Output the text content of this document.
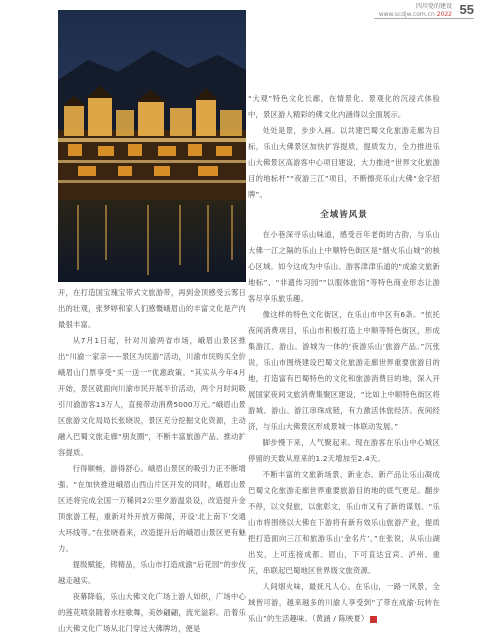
四川党的建设
www.scdjw.com.cn 2022 55

开，在打造国宝瑰宝带式文旅游带，再到金顶感受云雾日出的壮观，张梦婷和家人们感慨峨眉山的丰富文化是产内最很丰富。

从7月1日起，针对川渝两省市场，峨眉山景区推出“川渝一家亲——景区为民游”活动，川渝市民购买全价峨眉山门票享受“买一送一”优惠政策。“其实从今年4月开始，景区就面向川渝市民开展半价活动，两个月时间吸引川渝游客13万人，直接带动消费5000万元。”峨眉山景区旅游文化局局长张晓说，景区充分挖掘文化资源，主动融入巴蜀文旅走廊“朋友圈”，不断丰富旅游产品、推动扩容提质。

行得顺畅，游得舒心。峨眉山景区的吸引力正不断增强。“在加快推进峨眉山西山片区开发的同时，峨眉山景区还将完成全国一万稀同2公里夕游温泉设，改造提升金顶旅游工程，重新对外开放万佛阁，开设‘北上南下’交通大环线等。”在张晓看来，改造提升后的峨眉山景区更有魅力。

提级赋能，铸精品，乐山市打造成渝“后花园”的步伐越走越实。

夜幕降临，乐山大佛文化广场上游人如织，广场中心的莲花喷泉随着水柱歌舞，美妙翩翩，流光溢彩。沿着乐山大佛文化广场从北门穿过大佛牌坊，便是

“大观”特色文化长廊，在情景化、景观化的沉浸式体验中，景区游人精彩的佛文化内涵得以全面展示。

处处是景，步步入画。以共建巴蜀文化旅游走廊为目标，乐山大佛景区加快扩容提质，提质发力，全力推进乐山大佛景区高游客中心项目建设，大力推进“世界文化旅游目的地标杆”“夜游三江”项目，不断擦亮乐山大佛“金字招牌”。

全域皆风景

在小巷深寻乐山味道，感受百年老街的古韵，与乐山大佛一江之隔的乐山上中顺特色街区是“烟火乐山城”的核心区域。如今这成为中乐山、游客津津乐道的“成渝文旅新地标”、“非遗传习园”“以服体旅馆”等特色商业形态让游客尽享乐旅乐趣。

像这样的特色文化街区，在乐山市中区有6条。“依托夜间消费项目，乐山市积极打造上中顺等特色街区，形成集游江、游山、游城为一体的‘夜游乐山’旅游产品。”沉张说，乐山市围绕建设巴蜀文化旅游走廊世界重要旅游目的地，打造富有巴蜀特色的文化和旅游消费目的地，深入开展国家夜间文旅消费集聚区建设，“比如上中顺特色街区将游城、游山、游江串珠成链，有力激活休旅经济。夜间经济，与乐山大佛景区形成景城一体联动发展。”

脚步慢下来，人气聚起来。现在游客在乐山中心城区停留的天数从原来的1.2天增加至2.4天。

不断丰富的文旅新场景、新业态、新产品让乐山凝成巴蜀文化旅游走廊世界重要旅游目的地的底气更足。翻步不停，以文促旅，以旅彰文，乐山市又有了新的谋划。“乐山市将围绕以大佛在下游将有新有效乐山旅游产业，提质把打造面向三江和旅游乐山‘金名片’。”在张说，从乐山湖出发，上可连接成都、眉山，下可直达宜宾、泸州、重庆，串联起巴蜀地区世界级文旅资源。

人间烟火味，最抚凡人心。在乐山，一路一风景，全域皆可游，越来越多的川渝人享受到“了带在成渝·玩转在乐山”的生活趣味。（黄涵 / 陈映夏）
